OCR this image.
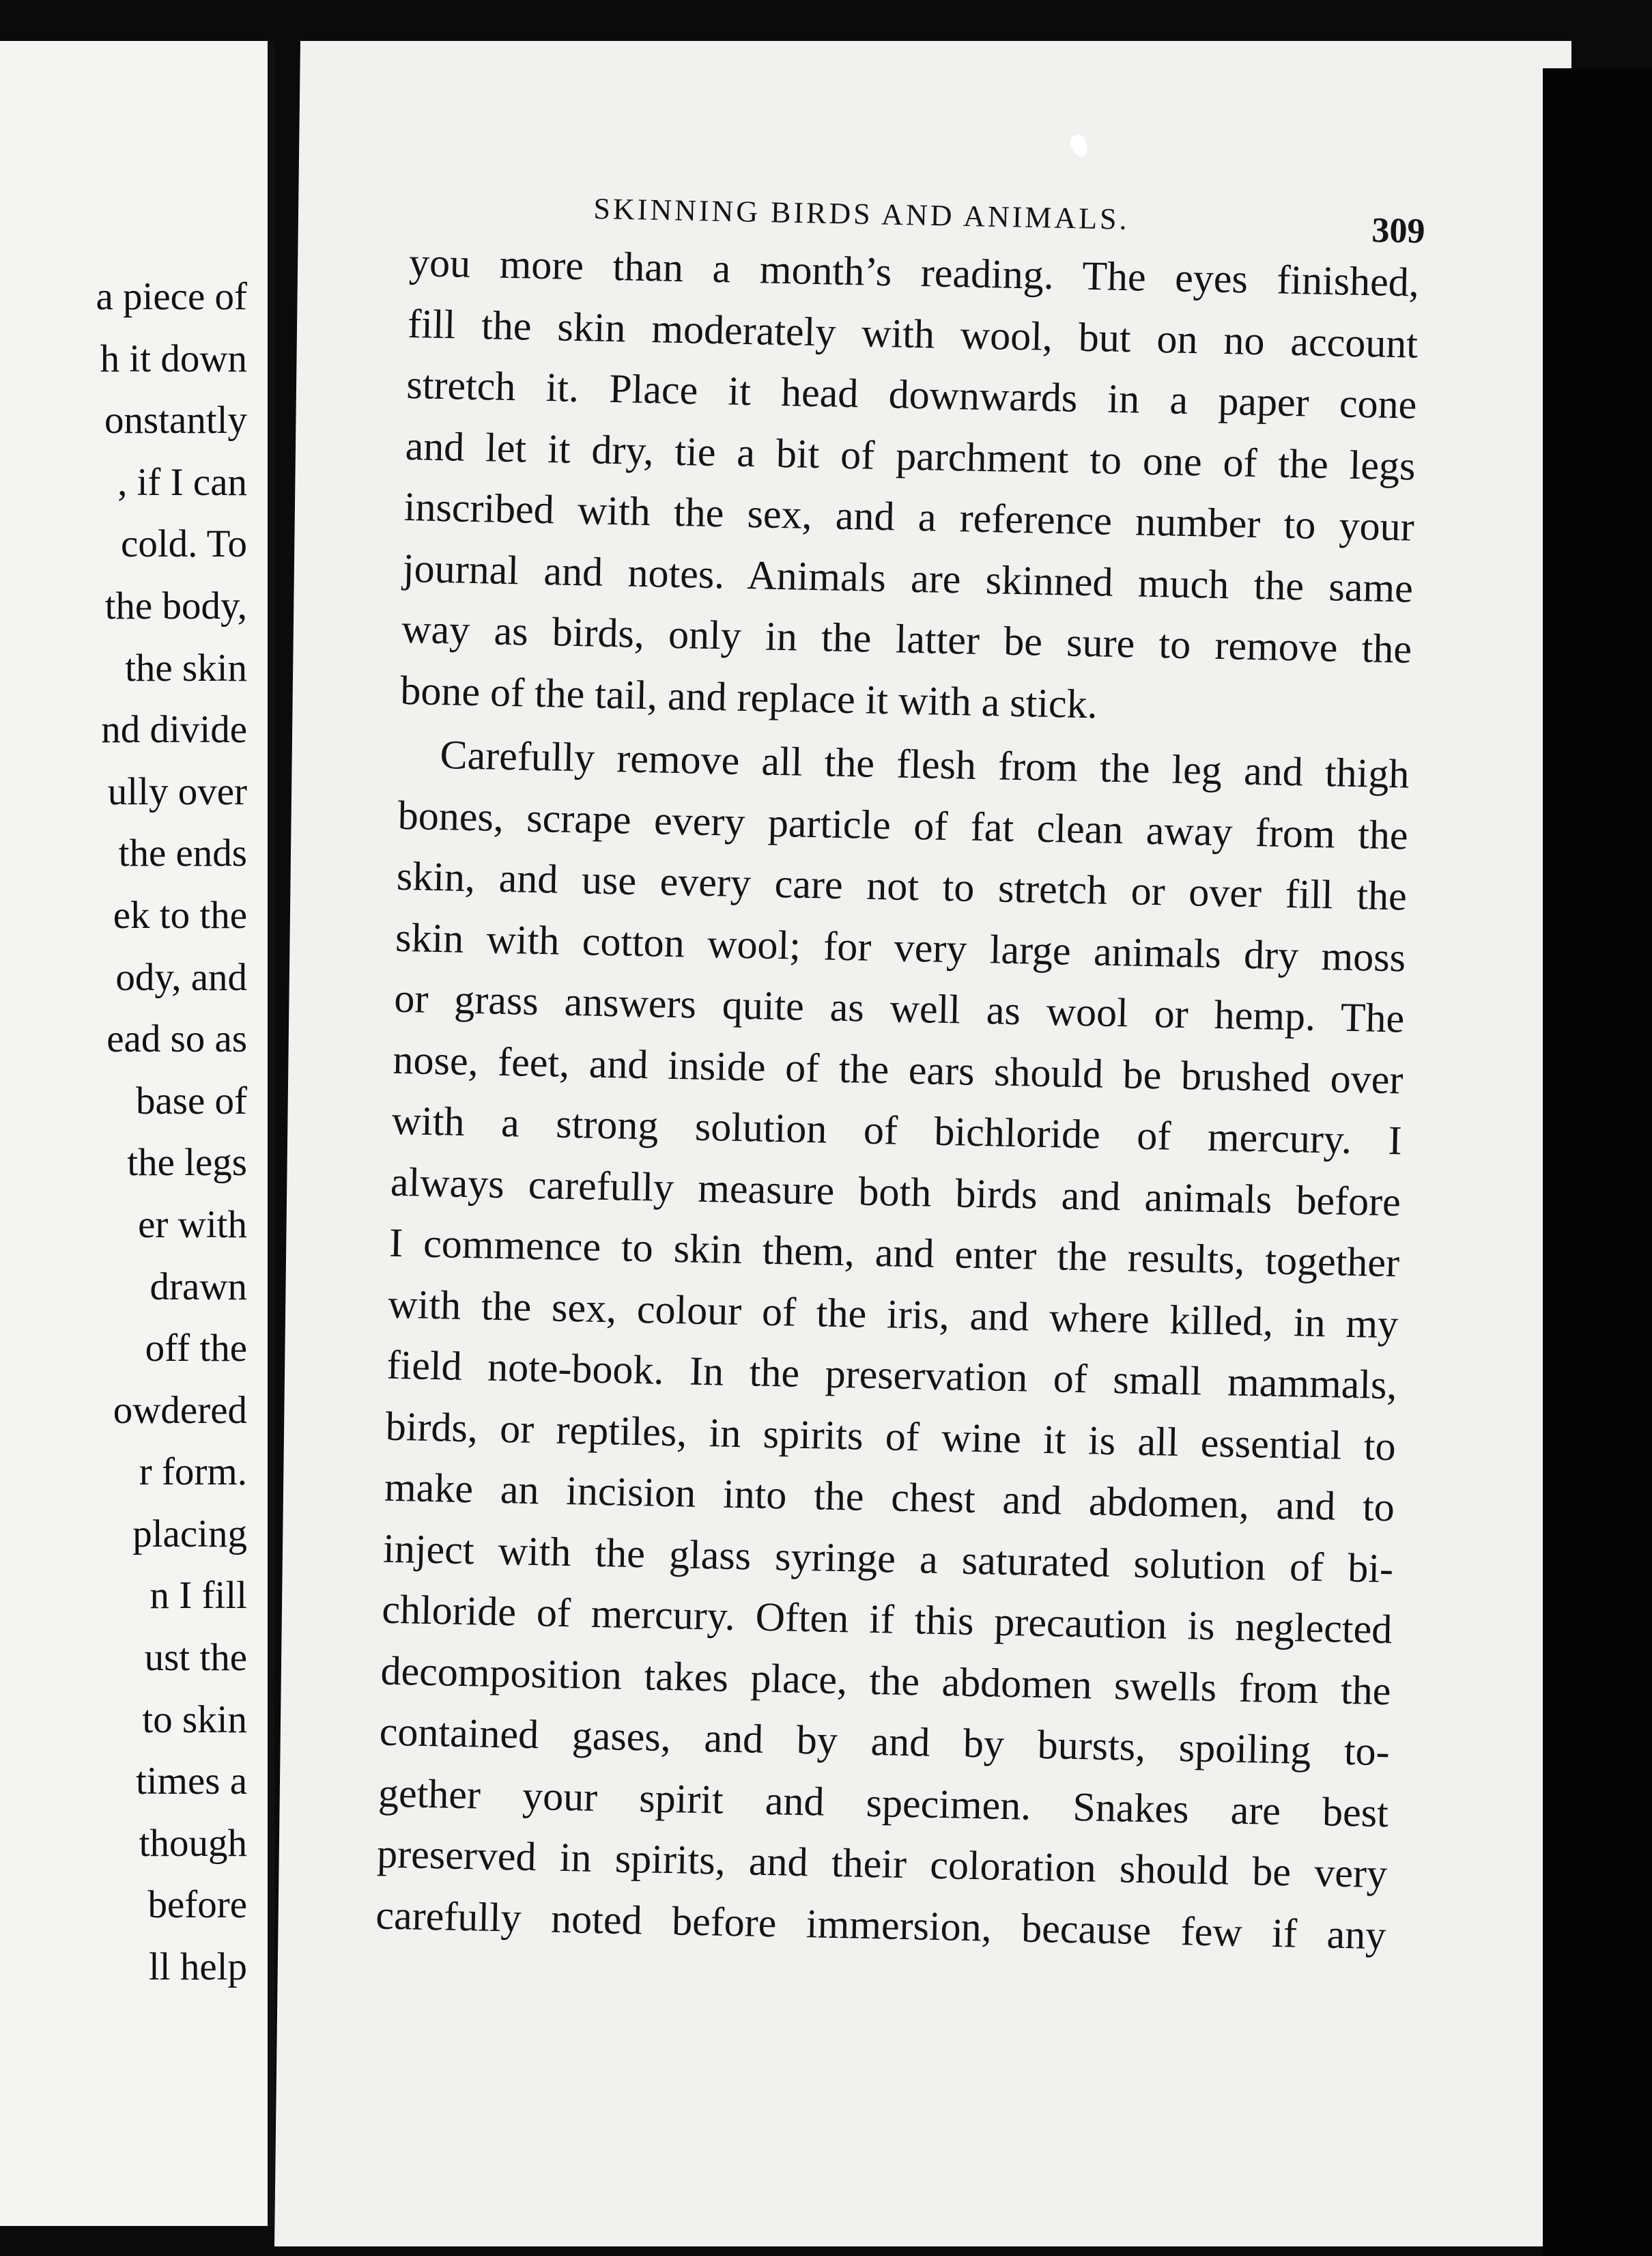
a piece of
h it down
onstantly
, if I can
cold. To
the body,
the skin
nd divide
ully over
the ends
ek to the
ody, and
ead so as
base of
the legs
er with
drawn
off the
owdered
r form.
placing
n I fill
ust the
to skin
times a
though
before
ll help
SKINNING BIRDS AND ANIMALS.	309
you more than a month’s reading. The eyes finished,
fill the skin moderately with wool, but on no account
stretch it. Place it head downwards in a paper cone
and let it dry, tie a bit of parchment to one of the legs
inscribed with the sex, and a reference number to your
journal and notes. Animals are skinned much the same
way as birds, only in the latter be sure to remove the
bone of the tail, and replace it with a stick.
Carefully remove all the flesh from the leg and thigh
bones, scrape every particle of fat clean away from the
skin, and use every care not to stretch or over fill the
skin with cotton wool; for very large animals dry moss
or grass answers quite as well as wool or hemp. The
nose, feet, and inside of the ears should be brushed over
with a strong solution of bichloride of mercury. I
always carefully measure both birds and animals before
I commence to skin them, and enter the results, together
with the sex, colour of the iris, and where killed, in my
field note-book. In the preservation of small mammals,
birds, or reptiles, in spirits of wine it is all essential to
make an incision into the chest and abdomen, and to
inject with the glass syringe a saturated solution of bi-
chloride of mercury. Often if this precaution is neglected
decomposition takes place, the abdomen swells from the
contained gases, and by and by bursts, spoiling to-
gether your spirit and specimen. Snakes are best
preserved in spirits, and their coloration should be very
carefully noted before immersion, because few if any
